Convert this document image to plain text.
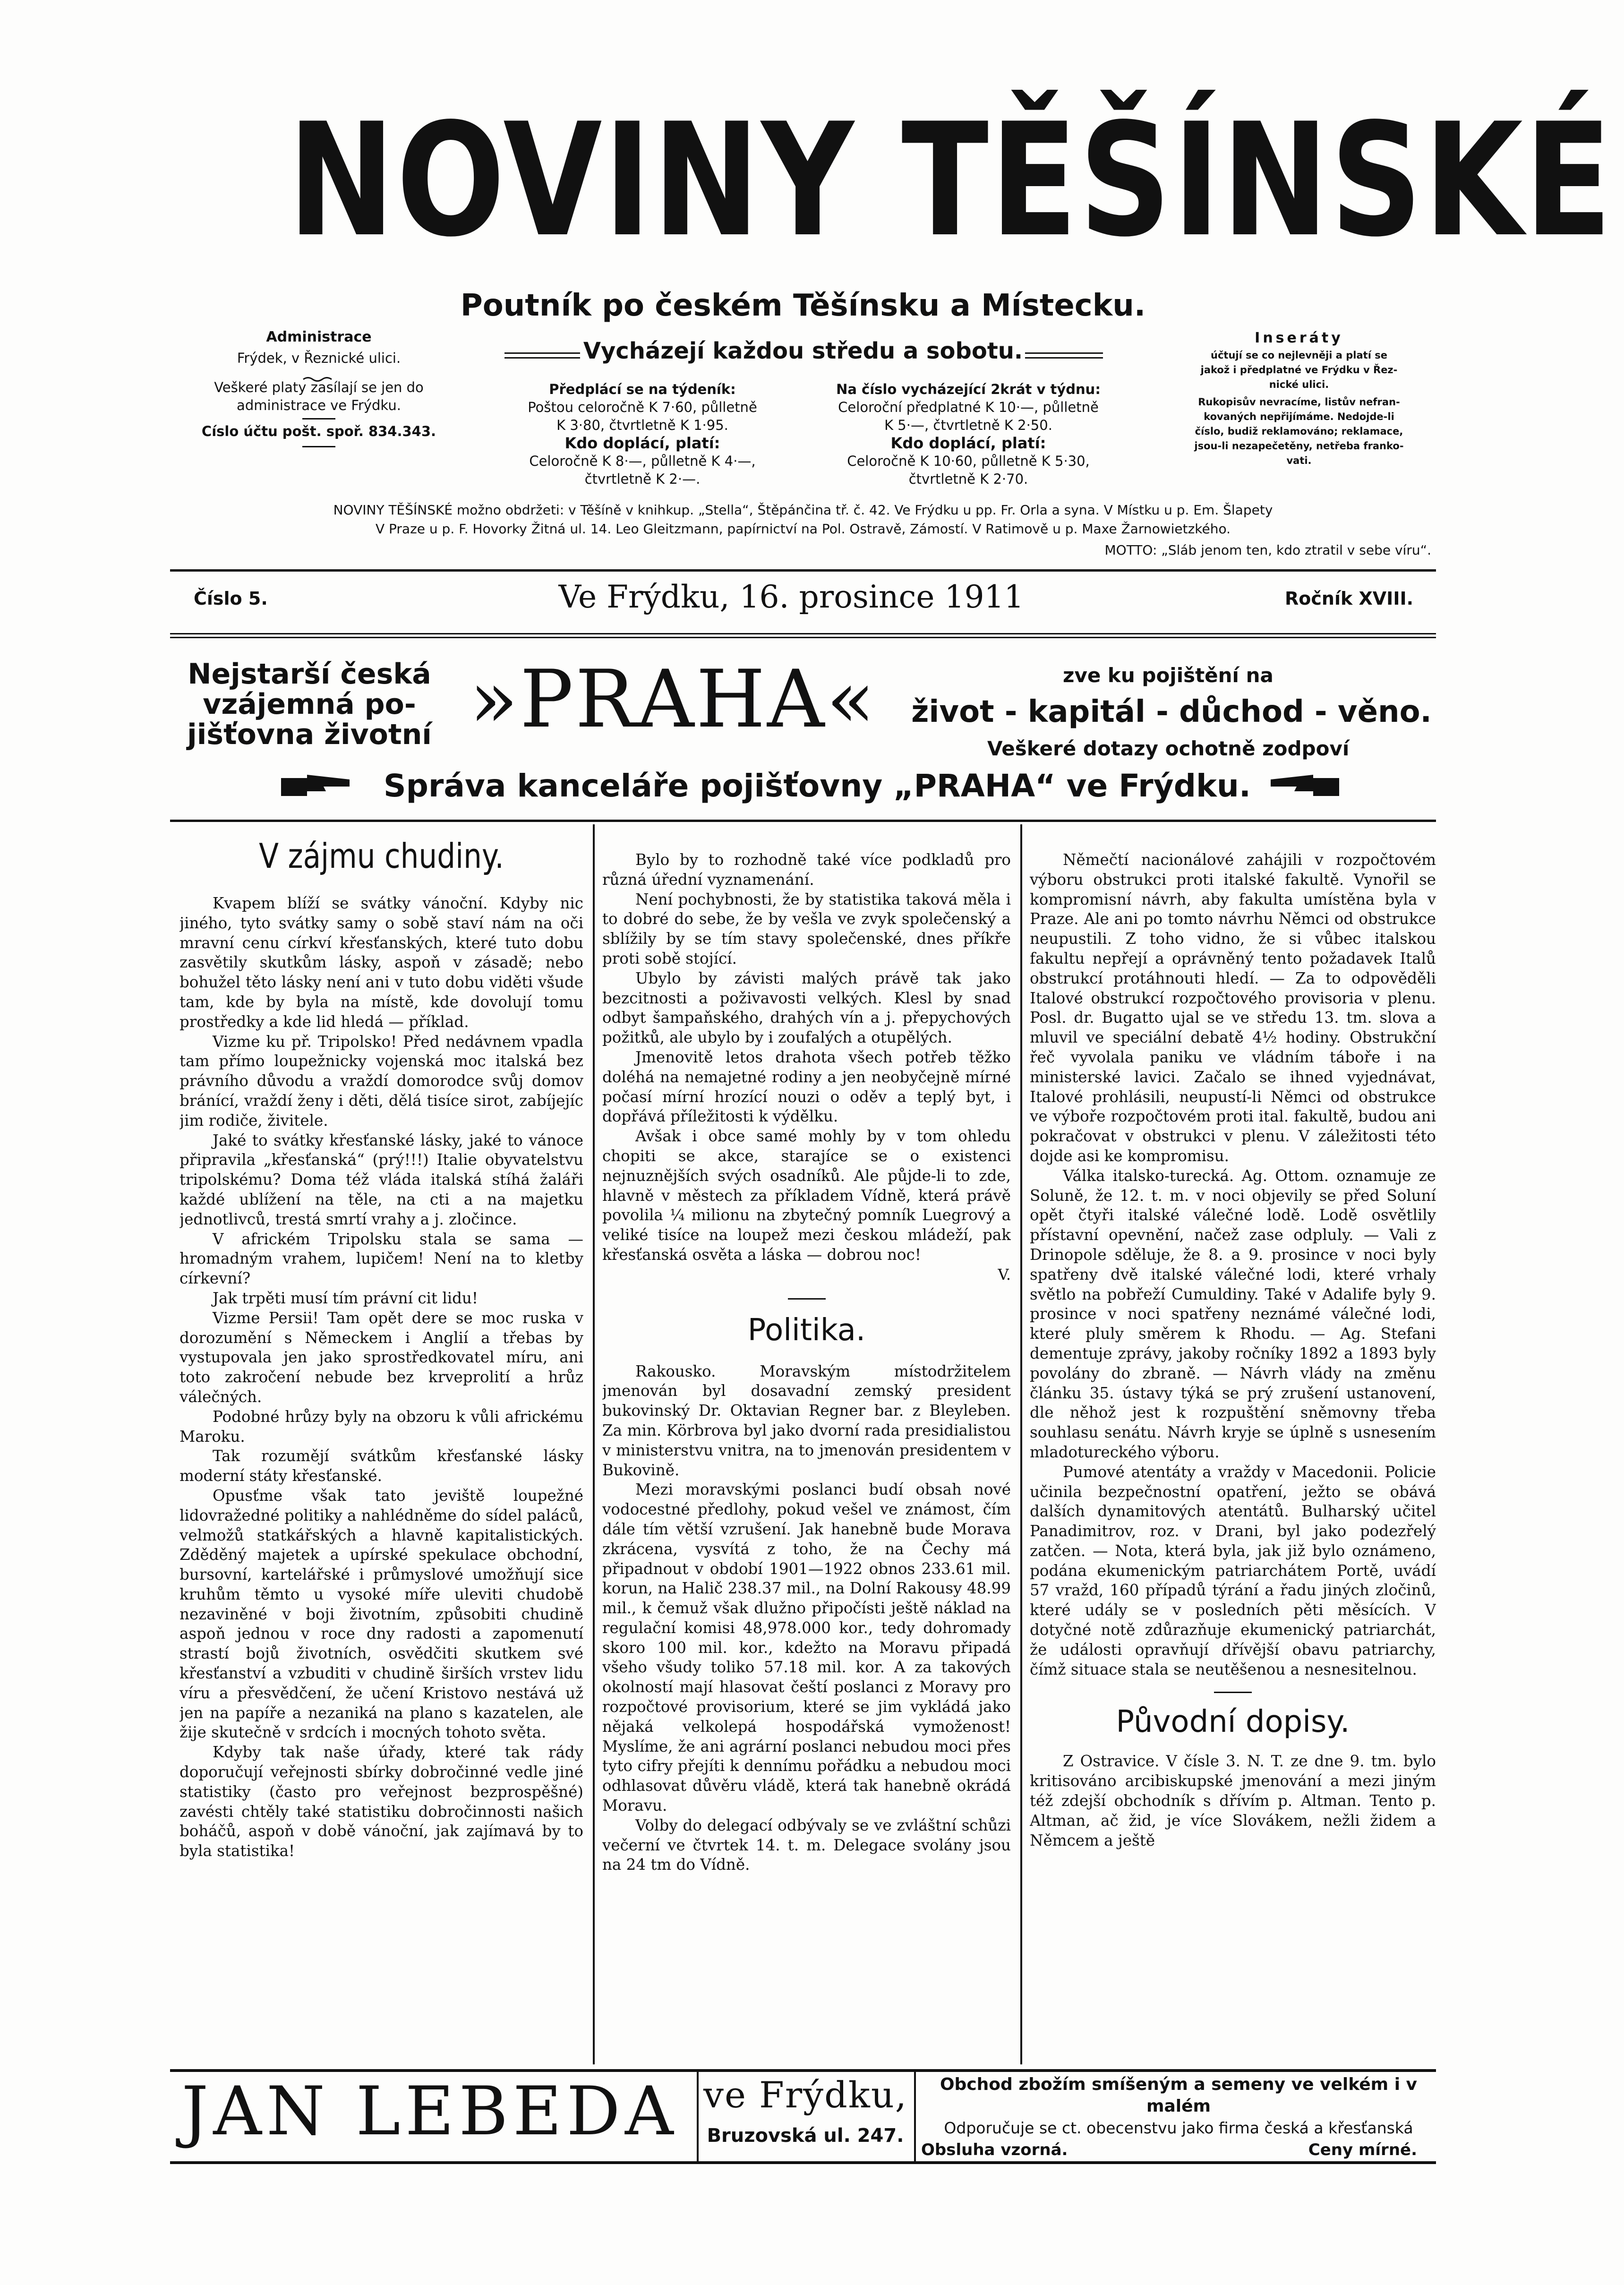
NOVINY TĚŠÍNSKÉ
Poutník po českém Těšínsku a Místecku.
Vycházejí každou středu a sobotu.
Administrace
Frýdek, v Řeznické ulici.
Veškeré platy zasílají se jen do
administrace ve Frýdku.
Císlo účtu pošt. spoř. 834.343.
Předplácí se na týdeník:
Poštou celoročně K 7·60, půlletně
K 3·80, čtvrtletně K 1·95.
Kdo doplácí, platí:
Celoročně K 8·—, půlletně K 4·—,
čtvrtletně K 2·—.
Na číslo vycházející 2krát v týdnu:
Celoroční předplatné K 10·—, půlletně
K 5·—, čtvrtletně K 2·50.
Kdo doplácí, platí:
Celoročně K 10·60, půlletně K 5·30,
čtvrtletně K 2·70.
Inseráty
účtují se co nejlevněji a platí se
jakož i předplatné ve Frýdku v Řez-
nické ulici.
Rukopisův nevracíme, listův nefran-
kovaných nepřijímáme. Nedojde-li
číslo, budiž reklamováno; reklamace,
jsou-li nezapečetěny, netřeba franko-
vati.
NOVINY TĚŠÍNSKÉ možno obdržeti: v Těšíně v knihkup. „Stella“, Štěpánčina tř. č. 42. Ve Frýdku u pp. Fr. Orla a syna. V Místku u p. Em. Šlapety
V Praze u p. F. Hovorky Žitná ul. 14. Leo Gleitzmann, papírnictví na Pol. Ostravě, Zámostí. V Ratimově u p. Maxe Žarnowietzkého.
MOTTO: „Sláb jenom ten, kdo ztratil v sebe víru“.
Číslo 5.	Ve Frýdku, 16. prosince 1911	Ročník XVIII.
Nejstarší česká
vzájemná po-
jišťovna životní »PRAHA«	zve ku pojištění na
život - kapitál - důchod - věno.
Veškeré dotazy ochotně zodpoví
Správa kanceláře pojišťovny „PRAHA“ ve Frýdku.
V zájmu chudiny.

Kvapem blíží se svátky vánoční. Kdyby nic jiného, tyto svátky samy o sobě staví nám na oči mravní cenu církví křesťanských, které tuto dobu zasvětily skutkům lásky, aspoň v zásadě; nebo bohužel těto lásky není ani v tuto dobu viděti všude tam, kde by byla na místě, kde dovolují tomu prostředky a kde lid hledá — příklad.

Vizme ku př. Tripolsko! Před nedávnem vpadla tam přímo loupežnicky vojenská moc italská bez právního důvodu a vraždí domorodce svůj domov bránící, vraždí ženy i děti, dělá tisíce sirot, zabíjejíc jim rodiče, živitele.

Jaké to svátky křesťanské lásky, jaké to vánoce připravila „křesťanská“ (prý!!!) Italie obyvatelstvu tripolskému? Doma též vláda italská stíhá žaláři každé ublížení na těle, na cti a na majetku jednotlivců, trestá smrtí vrahy a j. zločince.

V africkém Tripolsku stala se sama — hromadným vrahem, lupičem! Není na to kletby církevní?

Jak trpěti musí tím právní cit lidu!

Vizme Persii! Tam opět dere se moc ruska v dorozumění s Německem i Anglií a třebas by vystupovala jen jako sprostředkovatel míru, ani toto zakročení nebude bez krveprolití a hrůz válečných.

Podobné hrůzy byly na obzoru k vůli africkému Maroku.

Tak rozumějí svátkům křesťanské lásky moderní státy křesťanské.

Opusťme však tato jeviště loupežné lidovražedné politiky a nahlédněme do sídel paláců, velmožů statkářských a hlavně kapitalistických. Zděděný majetek a upírské spekulace obchodní, bursovní, kartelářské i průmyslové umožňují sice kruhům těmto u vysoké míře uleviti chudobě nezaviněné v boji životním, způsobiti chudině aspoň jednou v roce dny radosti a zapomenutí strastí bojů životních, osvědčiti skutkem své křesťanství a vzbuditi v chudině širších vrstev lidu víru a přesvědčení, že učení Kristovo nestává už jen na papíře a nezaniká na plano s kazatelen, ale žije skutečně v srdcích i mocných tohoto světa.

Kdyby tak naše úřady, které tak rády doporučují veřejnosti sbírky dobročinné vedle jiné statistiky (často pro veřejnost bezprospěšné) zavésti chtěly také statistiku dobročinnosti našich boháčů, aspoň v době vánoční, jak zajímavá by to byla statistika!

Bylo by to rozhodně také více podkladů pro různá úřední vyznamenání.

Není pochybnosti, že by statistika taková měla i to dobré do sebe, že by vešla ve zvyk společenský a sblížily by se tím stavy společenské, dnes příkře proti sobě stojící.

Ubylo by závisti malých právě tak jako bezcitnosti a poživavosti velkých. Klesl by snad odbyt šampaňského, drahých vín a j. přepychových požitků, ale ubylo by i zoufalých a otupělých.

Jmenovitě letos drahota všech potřeb těžko doléhá na nemajetné rodiny a jen neobyčejně mírné počasí mírní hrozící nouzi o oděv a teplý byt, i dopřává příležitosti k výdělku.

Avšak i obce samé mohly by v tom ohledu chopiti se akce, starajíce se o existenci nejnuznějších svých osadníků. Ale půjde-li to zde, hlavně v městech za příkladem Vídně, která právě povolila ¼ milionu na zbytečný pomník Luegrový a veliké tisíce na loupež mezi českou mládeží, pak křesťanská osvěta a láska — dobrou noc!

V.
Politika.

Rakousko. Moravským místodržitelem jmenován byl dosavadní zemský president bukovinský Dr. Oktavian Regner bar. z Bleyleben. Za min. Körbrova byl jako dvorní rada presidialistou v ministerstvu vnitra, na to jmenován presidentem v Bukovině.

Mezi moravskými poslanci budí obsah nové vodocestné předlohy, pokud vešel ve známost, čím dále tím větší vzrušení. Jak hanebně bude Morava zkrácena, vysvítá z toho, že na Čechy má připadnout v období 1901—1922 obnos 233.61 mil. korun, na Halič 238.37 mil., na Dolní Rakousy 48.99 mil., k čemuž však dlužno připočísti ještě náklad na regulační komisi 48,978.000 kor., tedy dohromady skoro 100 mil. kor., kdežto na Moravu připadá všeho všudy toliko 57.18 mil. kor. A za takových okolností mají hlasovat čeští poslanci z Moravy pro rozpočtové provisorium, které se jim vykládá jako nějaká velkolepá hospodářská vymoženost! Myslíme, že ani agrární poslanci nebudou moci přes tyto cifry přejíti k dennímu pořádku a nebudou moci odhlasovat důvěru vládě, která tak hanebně okrádá Moravu.

Volby do delegací odbývaly se ve zvláštní schůzi večerní ve čtvrtek 14. t. m. Delegace svolány jsou na 24 tm do Vídně.

Němečtí nacionálové zahájili v rozpočtovém výboru obstrukci proti italské fakultě. Vynořil se kompromisní návrh, aby fakulta umístěna byla v Praze. Ale ani po tomto návrhu Němci od obstrukce neupustili. Z toho vidno, že si vůbec italskou fakultu nepřejí a oprávněný tento požadavek Italů obstrukcí protáhnouti hledí. — Za to odpověděli Italové obstrukcí rozpočtového provisoria v plenu. Posl. dr. Bugatto ujal se ve středu 13. tm. slova a mluvil ve speciální debatě 4½ hodiny. Obstrukční řeč vyvolala paniku ve vládním táboře i na ministerské lavici. Začalo se ihned vyjednávat, Italové prohlásili, neupustí-li Němci od obstrukce ve výboře rozpočtovém proti ital. fakultě, budou ani pokračovat v obstrukci v plenu. V záležitosti této dojde asi ke kompromisu.

Válka italsko-turecká. Ag. Ottom. oznamuje ze Soluně, že 12. t. m. v noci objevily se před Soluní opět čtyři italské válečné lodě. Lodě osvětlily přístavní opevnění, načež zase odpluly. — Vali z Drinopole sděluje, že 8. a 9. prosince v noci byly spatřeny dvě italské válečné lodi, které vrhaly světlo na pobřeží Cumuldiny. Také v Adalife byly 9. prosince v noci spatřeny neznámé válečné lodi, které pluly směrem k Rhodu. — Ag. Stefani dementuje zprávy, jakoby ročníky 1892 a 1893 byly povolány do zbraně. — Návrh vlády na změnu článku 35. ústavy týká se prý zrušení ustanovení, dle něhož jest k rozpuštění sněmovny třeba souhlasu senátu. Návrh kryje se úplně s usnesením mladotureckého výboru.

Pumové atentáty a vraždy v Macedonii. Policie učinila bezpečnostní opatření, ježto se obává dalších dynamitových atentátů. Bulharský učitel Panadimitrov, roz. v Drani, byl jako podezřelý zatčen. — Nota, která byla, jak již bylo oznámeno, podána ekumenickým patriarchátem Portě, uvádí 57 vražd, 160 případů týrání a řadu jiných zločinů, které udály se v posledních pěti měsících. V dotyčné notě zdůrazňuje ekumenický patriarchát, že události opravňují dřívější obavu patriarchy, čímž situace stala se neutěšenou a nesnesitelnou.

Původní dopisy.

Z Ostravice. V čísle 3. N. T. ze dne 9. tm. bylo kritisováno arcibiskupské jmenování a mezi jiným též zdejší obchodník s dřívím p. Altman. Tento p. Altman, ač žid, je více Slovákem, nežli židem a Němcem a ještě

JAN LEBEDA ve Frýdku,
Bruzovská ul. 247.
Obchod zbožím smíšeným a semeny ve velkém i v malém
Odporučuje se ct. obecenstvu jako firma česká a křesťanská
Obsluha vzorná.	Ceny mírné.
